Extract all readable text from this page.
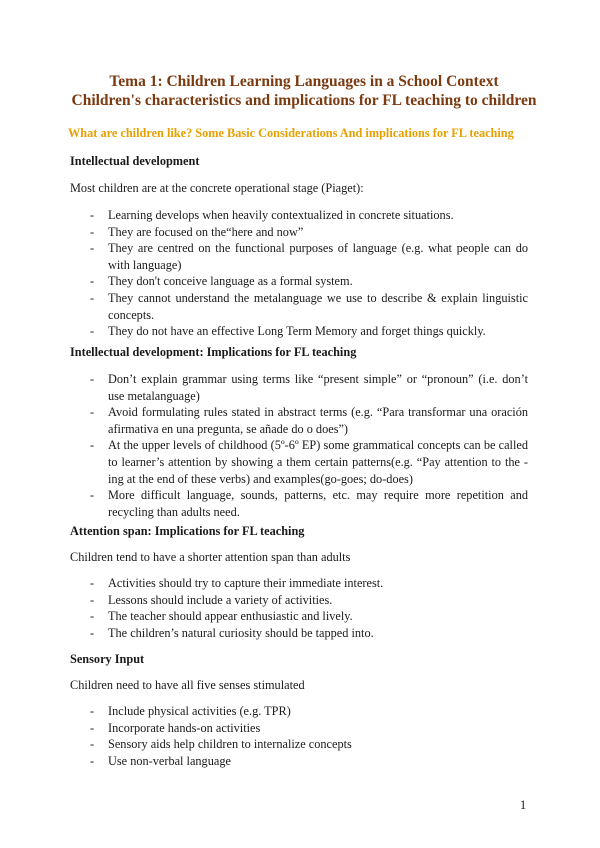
Tema 1: Children Learning Languages in a School Context
Children's characteristics and implications for FL teaching to children

What are children like? Some Basic Considerations And implications for FL teaching

Intellectual development

Most children are at the concrete operational stage (Piaget):

- Learning develops when heavily contextualized in concrete situations.
- They are focused on the“here and now”
- They are centred on the functional purposes of language (e.g. what people can do with language)
- They don't conceive language as a formal system.
- They cannot understand the metalanguage we use to describe & explain linguistic concepts.
- They do not have an effective Long Term Memory and forget things quickly.

Intellectual development: Implications for FL teaching

- Don’t explain grammar using terms like “present simple” or “pronoun” (i.e. don’t use metalanguage)
- Avoid formulating rules stated in abstract terms (e.g. “Para transformar una oración afirmativa en una pregunta, se añade do o does”)
- At the upper levels of childhood (5º-6º EP) some grammatical concepts can be called to learner’s attention by showing a them certain patterns(e.g. “Pay attention to the -ing at the end of these verbs) and examples(go-goes; do-does)
- More difficult language, sounds, patterns, etc. may require more repetition and recycling than adults need.

Attention span: Implications for FL teaching

Children tend to have a shorter attention span than adults

- Activities should try to capture their immediate interest.
- Lessons should include a variety of activities.
- The teacher should appear enthusiastic and lively.
- The children’s natural curiosity should be tapped into.

Sensory Input

Children need to have all five senses stimulated

- Include physical activities (e.g. TPR)
- Incorporate hands-on activities
- Sensory aids help children to internalize concepts
- Use non-verbal language
1
